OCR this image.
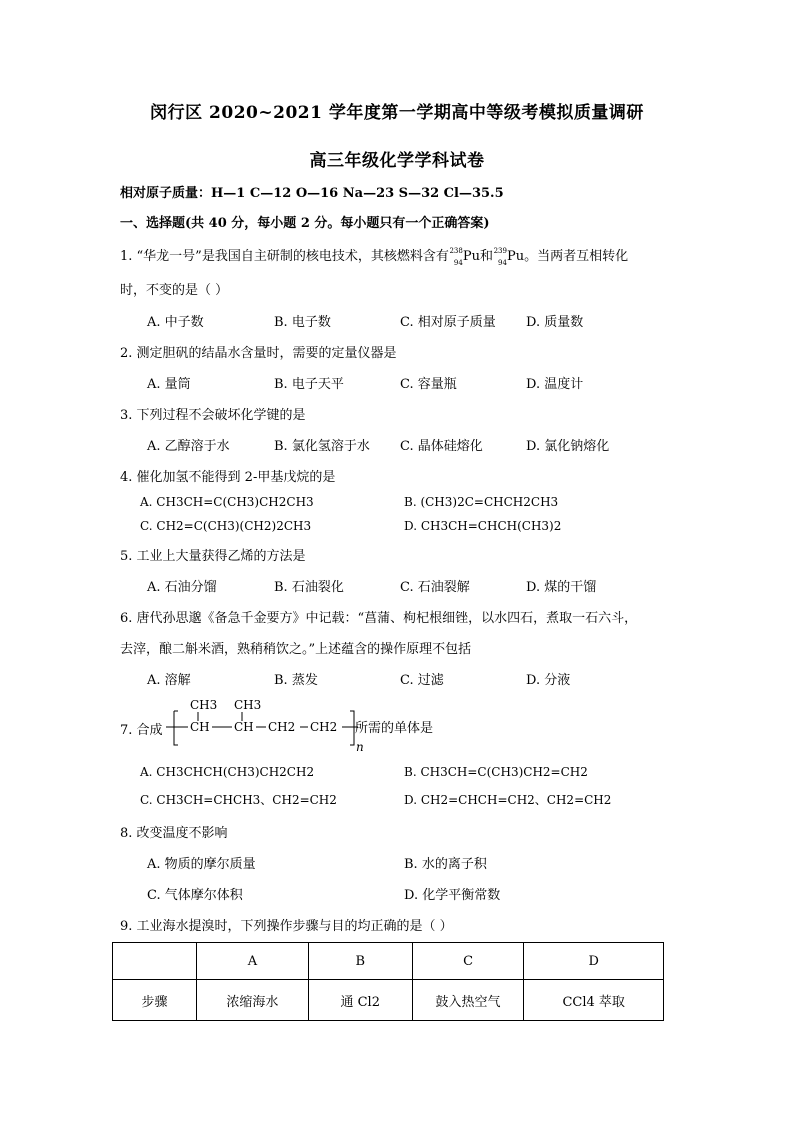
闵行区 2020~2021 学年度第一学期高中等级考模拟质量调研
高三年级化学学科试卷
相对原子质量：H—1 C—12 O—16 Na—23 S—32 Cl—35.5
一、选择题(共 40 分，每小题 2 分。每小题只有一个正确答案)
1. “华龙一号”是我国自主研制的核电技术，其核燃料含有 238
94 Pu和 239
94 Pu。当两者互相转化
时，不变的是（ ）
A. 中子数	B. 电子数	C. 相对原子质量 D. 质量数
2. 测定胆矾的结晶水含量时，需要的定量仪器是
A. 量筒	B. 电子天平	C. 容量瓶	D. 温度计
3. 下列过程不会破坏化学键的是
A. 乙醇溶于水	B. 氯化氢溶于水 C. 晶体硅熔化	D. 氯化钠熔化
4. 催化加氢不能得到 2-甲基戊烷的是
A. CH3CH=C(CH3)CH2CH3	B. (CH3)2C=CHCH2CH3
C. CH2=C(CH3)(CH2)2CH3	D. CH3CH=CHCH(CH3)2
5. 工业上大量获得乙烯的方法是
A. 石油分馏	B. 石油裂化	C. 石油裂解	D. 煤的干馏
6. 唐代孙思邈《备急千金要方》中记载：“菖蒲、枸杞根细锉，以水四石，煮取一石六斗，
去滓，酿二斛米酒，熟稍稍饮之。”上述蕴含的操作原理不包括
A. 溶解	B. 蒸发	C. 过滤	D. 分液
7. 合成
CH3 CH3
CH CH CH2 CH2
n
所需的单体是
A. CH3CHCH(CH3)CH2CH2	B. CH3CH=C(CH3)CH2=CH2
C. CH3CH=CHCH3、CH2=CH2	D. CH2=CHCH=CH2、CH2=CH2
8. 改变温度不影响
A. 物质的摩尔质量	B. 水的离子积
C. 气体摩尔体积	D. 化学平衡常数
9. 工业海水提溴时，下列操作步骤与目的均正确的是（ ）
	A	B	C	D
步骤	浓缩海水	通 Cl2	鼓入热空气	CCl4 萃取
